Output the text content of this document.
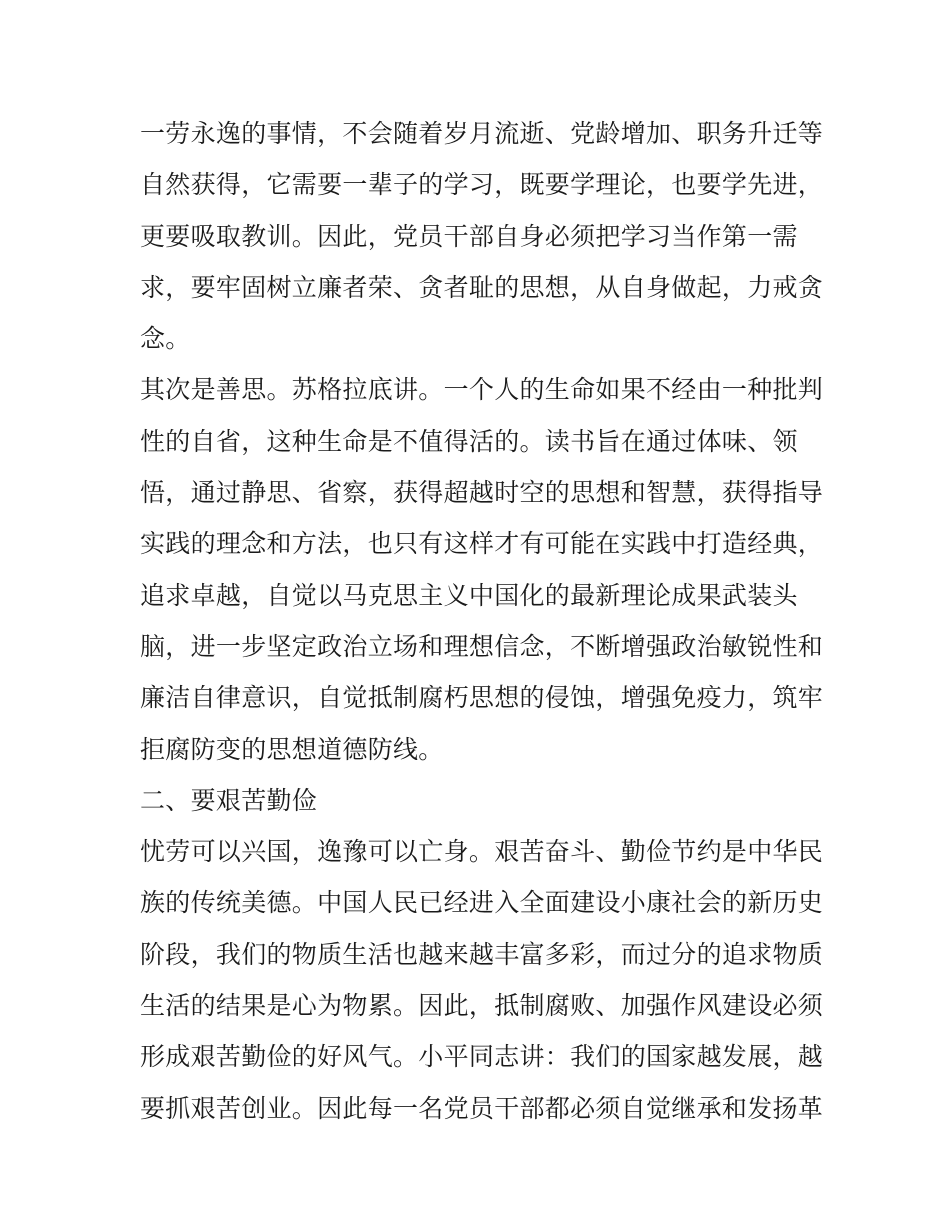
一劳永逸的事情，不会随着岁月流逝、党龄增加、职务升迁等
自然获得，它需要一辈子的学习，既要学理论，也要学先进，
更要吸取教训。因此，党员干部自身必须把学习当作第一需
求，要牢固树立廉者荣、贪者耻的思想，从自身做起，力戒贪
念。
其次是善思。苏格拉底讲。一个人的生命如果不经由一种批判
性的自省，这种生命是不值得活的。读书旨在通过体味、领
悟，通过静思、省察，获得超越时空的思想和智慧，获得指导
实践的理念和方法，也只有这样才有可能在实践中打造经典，
追求卓越，自觉以马克思主义中国化的最新理论成果武装头
脑，进一步坚定政治立场和理想信念，不断增强政治敏锐性和
廉洁自律意识，自觉抵制腐朽思想的侵蚀，增强免疫力，筑牢
拒腐防变的思想道德防线。
二、要艰苦勤俭
忧劳可以兴国，逸豫可以亡身。艰苦奋斗、勤俭节约是中华民
族的传统美德。中国人民已经进入全面建设小康社会的新历史
阶段，我们的物质生活也越来越丰富多彩，而过分的追求物质
生活的结果是心为物累。因此，抵制腐败、加强作风建设必须
形成艰苦勤俭的好风气。小平同志讲：我们的国家越发展，越
要抓艰苦创业。因此每一名党员干部都必须自觉继承和发扬革
